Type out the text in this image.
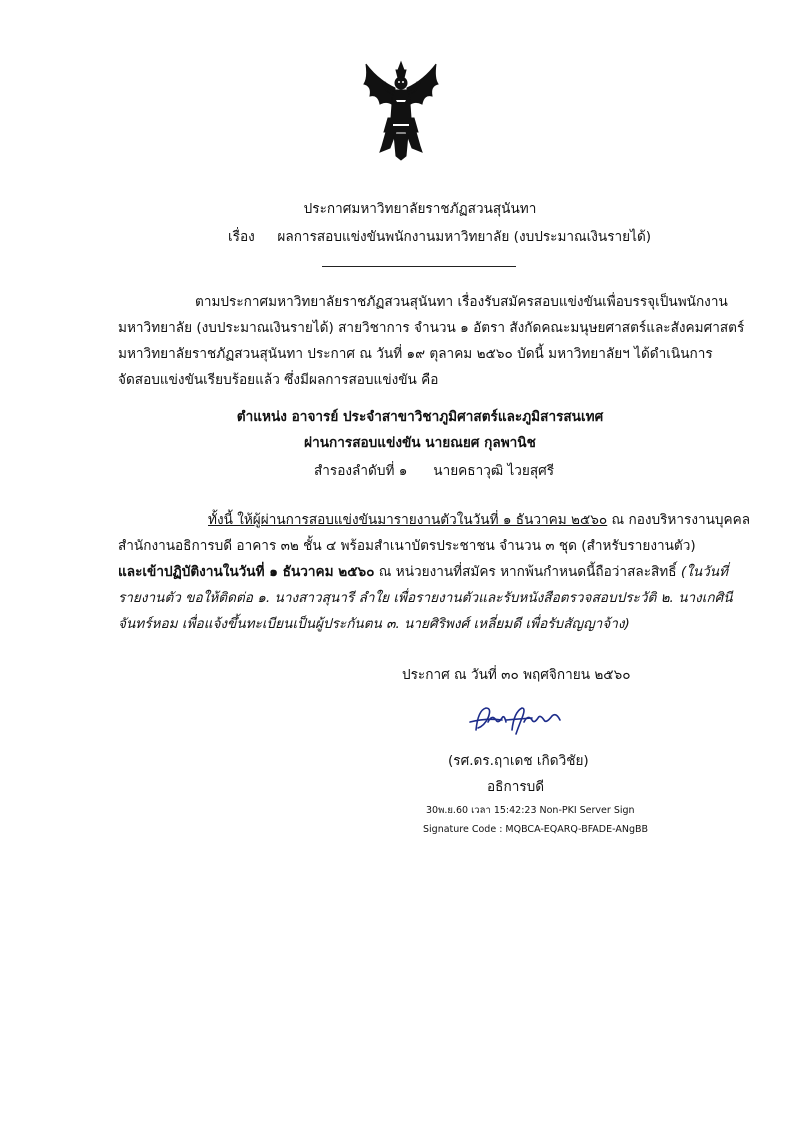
ประกาศมหาวิทยาลัยราชภัฏสวนสุนันทา
เรื่อง ผลการสอบแข่งขันพนักงานมหาวิทยาลัย (งบประมาณเงินรายได้)
ตามประกาศมหาวิทยาลัยราชภัฏสวนสุนันทา เรื่องรับสมัครสอบแข่งขันเพื่อบรรจุเป็นพนักงาน
มหาวิทยาลัย (งบประมาณเงินรายได้) สายวิชาการ จำนวน ๑ อัตรา สังกัดคณะมนุษยศาสตร์และสังคมศาสตร์
มหาวิทยาลัยราชภัฏสวนสุนันทา ประกาศ ณ วันที่ ๑๙ ตุลาคม ๒๕๖๐ บัดนี้ มหาวิทยาลัยฯ ได้ดำเนินการ
จัดสอบแข่งขันเรียบร้อยแล้ว ซึ่งมีผลการสอบแข่งขัน คือ
ตำแหน่ง อาจารย์ ประจำสาขาวิชาภูมิศาสตร์และภูมิสารสนเทศ
ผ่านการสอบแข่งขัน นายณยศ กุลพานิช
สำรองลำดับที่ ๑      นายคธาวุฒิ ไวยสุศรี
ทั้งนี้ ให้ผู้ผ่านการสอบแข่งขันมารายงานตัวในวันที่ ๑ ธันวาคม ๒๕๖๐ ณ กองบริหารงานบุคคล
สำนักงานอธิการบดี อาคาร ๓๒ ชั้น ๔ พร้อมสำเนาบัตรประชาชน จำนวน ๓ ชุด (สำหรับรายงานตัว)
และเข้าปฏิบัติงานในวันที่ ๑ ธันวาคม ๒๕๖๐ ณ หน่วยงานที่สมัคร หากพ้นกำหนดนี้ถือว่าสละสิทธิ์ (ในวันที่
รายงานตัว ขอให้ติดต่อ ๑. นางสาวสุนารี ลำใย เพื่อรายงานตัวและรับหนังสือตรวจสอบประวัติ ๒. นางเกศินี
จันทร์หอม เพื่อแจ้งขึ้นทะเบียนเป็นผู้ประกันตน ๓. นายศิริพงศ์ เหลี่ยมดี เพื่อรับสัญญาจ้าง)
ประกาศ ณ วันที่ ๓๐ พฤศจิกายน ๒๕๖๐
(รศ.ดร.ฤาเดช เกิดวิชัย)
อธิการบดี
30พ.ย.60 เวลา 15:42:23 Non-PKI Server Sign
Signature Code : MQBCA-EQARQ-BFADE-ANgBB
